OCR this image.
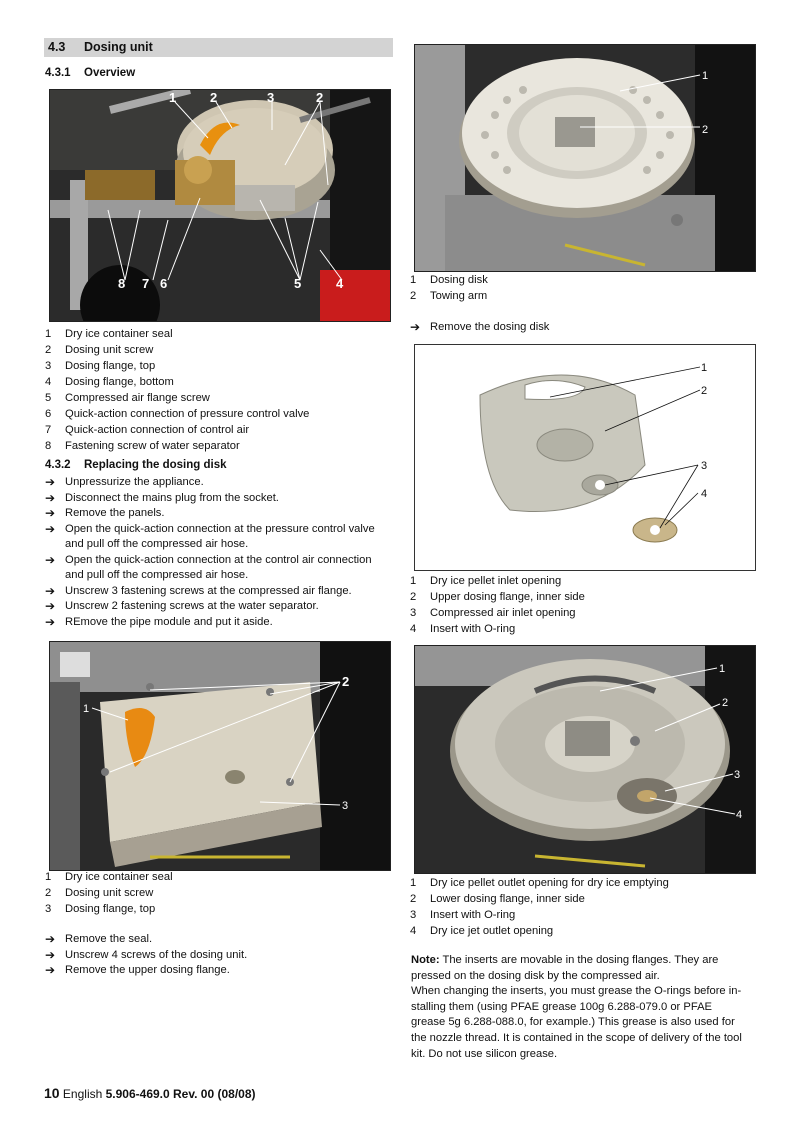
4.3 Dosing unit
4.3.1 Overview
1	2	3	2
8 7 6	5	4
1 Dry ice container seal
2 Dosing unit screw
3 Dosing flange, top
4 Dosing flange, bottom
5 Compressed air flange screw
6 Quick-action connection of pressure control valve
7 Quick-action connection of control air
8 Fastening screw of water separator
4.3.2 Replacing the dosing disk
➔ Unpressurize the appliance.
➔ Disconnect the mains plug from the socket.
➔ Remove the panels.
➔ Open the quick-action connection at the pressure control valve
and pull off the compressed air hose.
➔ Open the quick-action connection at the control air connection
and pull off the compressed air hose.
➔ Unscrew 3 fastening screws at the compressed air flange.
➔ Unscrew 2 fastening screws at the water separator.
➔ REmove the pipe module and put it aside.
1
2
3
1 Dry ice container seal
2 Dosing unit screw
3 Dosing flange, top
➔ Remove the seal.
➔ Unscrew 4 screws of the dosing unit.
➔ Remove the upper dosing flange.
1
2
1 Dosing disk
2 Towing arm
➔ Remove the dosing disk
1
2
3
4
1 Dry ice pellet inlet opening
2 Upper dosing flange, inner side
3 Compressed air inlet opening
4 Insert with O-ring
1
2
3
4
1 Dry ice pellet outlet opening for dry ice emptying
2 Lower dosing flange, inner side
3 Insert with O-ring
4 Dry ice jet outlet opening
Note: The inserts are movable in the dosing flanges. They are
pressed on the dosing disk by the compressed air.
When changing the inserts, you must grease the O-rings before in-
stalling them (using PFAE grease 100g 6.288-079.0 or PFAE
grease 5g 6.288-088.0, for example.) This grease is also used for
the nozzle thread. It is contained in the scope of delivery of the tool
kit. Do not use silicon grease.
10 English 5.906-469.0 Rev. 00 (08/08)
